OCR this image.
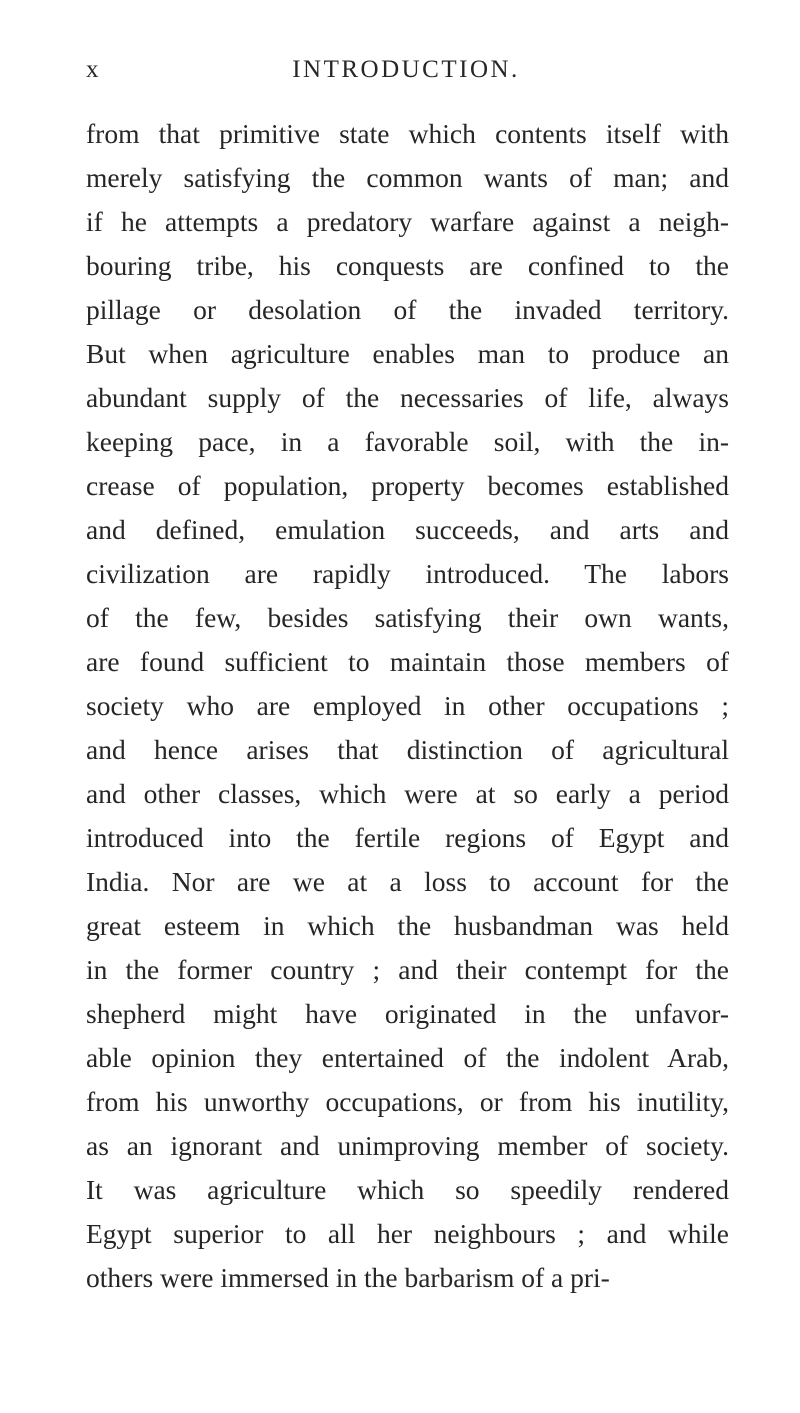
x	INTRODUCTION.
from that primitive state which contents itself with
merely satisfying the common wants of man; and
if he attempts a predatory warfare against a neigh-
bouring tribe, his conquests are confined to the
pillage or desolation of the invaded territory.
But when agriculture enables man to produce an
abundant supply of the necessaries of life, always
keeping pace, in a favorable soil, with the in-
crease of population, property becomes established
and defined, emulation succeeds, and arts and
civilization are rapidly introduced. The labors
of the few, besides satisfying their own wants,
are found sufficient to maintain those members of
society who are employed in other occupations ;
and hence arises that distinction of agricultural
and other classes, which were at so early a period
introduced into the fertile regions of Egypt and
India. Nor are we at a loss to account for the
great esteem in which the husbandman was held
in the former country ; and their contempt for the
shepherd might have originated in the unfavor-
able opinion they entertained of the indolent Arab,
from his unworthy occupations, or from his inutility,
as an ignorant and unimproving member of society.
It was agriculture which so speedily rendered
Egypt superior to all her neighbours ; and while
others were immersed in the barbarism of a pri-
